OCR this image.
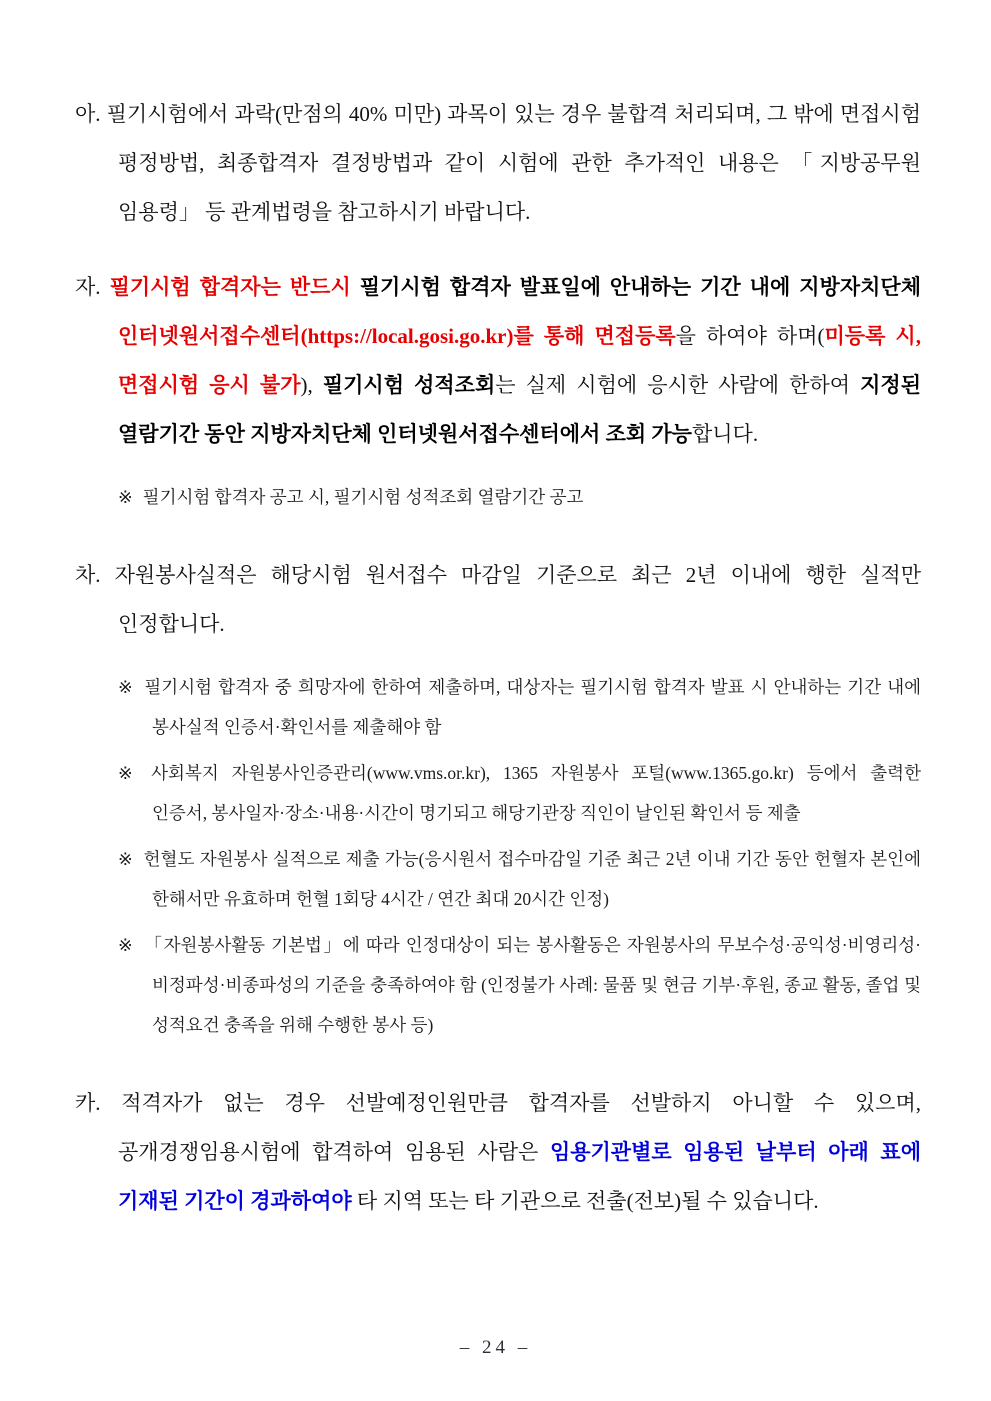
아. 필기시험에서 과락(만점의 40% 미만) 과목이 있는 경우 불합격 처리되며, 그 밖에 면접시험 평정방법, 최종합격자 결정방법과 같이 시험에 관한 추가적인 내용은 「지방공무원 임용령」 등 관계법령을 참고하시기 바랍니다.

자. 필기시험 합격자는 반드시 필기시험 합격자 발표일에 안내하는 기간 내에 지방자치단체 인터넷원서접수센터(https://local.gosi.go.kr)를 통해 면접등록을 하여야 하며(미등록 시, 면접시험 응시 불가), 필기시험 성적조회는 실제 시험에 응시한 사람에 한하여 지정된 열람기간 동안 지방자치단체 인터넷원서접수센터에서 조회 가능합니다.

※ 필기시험 합격자 공고 시, 필기시험 성적조회 열람기간 공고

차. 자원봉사실적은 해당시험 원서접수 마감일 기준으로 최근 2년 이내에 행한 실적만 인정합니다.

※ 필기시험 합격자 중 희망자에 한하여 제출하며, 대상자는 필기시험 합격자 발표 시 안내하는 기간 내에 봉사실적 인증서·확인서를 제출해야 함

※ 사회복지 자원봉사인증관리(www.vms.or.kr), 1365 자원봉사 포털(www.1365.go.kr) 등에서 출력한 인증서, 봉사일자·장소·내용·시간이 명기되고 해당기관장 직인이 날인된 확인서 등 제출

※ 헌혈도 자원봉사 실적으로 제출 가능(응시원서 접수마감일 기준 최근 2년 이내 기간 동안 헌혈자 본인에 한해서만 유효하며 헌혈 1회당 4시간 / 연간 최대 20시간 인정)

※ 「자원봉사활동 기본법」에 따라 인정대상이 되는 봉사활동은 자원봉사의 무보수성·공익성·비영리성·비정파성·비종파성의 기준을 충족하여야 함 (인정불가 사례: 물품 및 현금 기부·후원, 종교 활동, 졸업 및 성적요건 충족을 위해 수행한 봉사 등)

카. 적격자가 없는 경우 선발예정인원만큼 합격자를 선발하지 아니할 수 있으며, 공개경쟁임용시험에 합격하여 임용된 사람은 임용기관별로 임용된 날부터 아래 표에 기재된 기간이 경과하여야 타 지역 또는 타 기관으로 전출(전보)될 수 있습니다.

– 24 –
